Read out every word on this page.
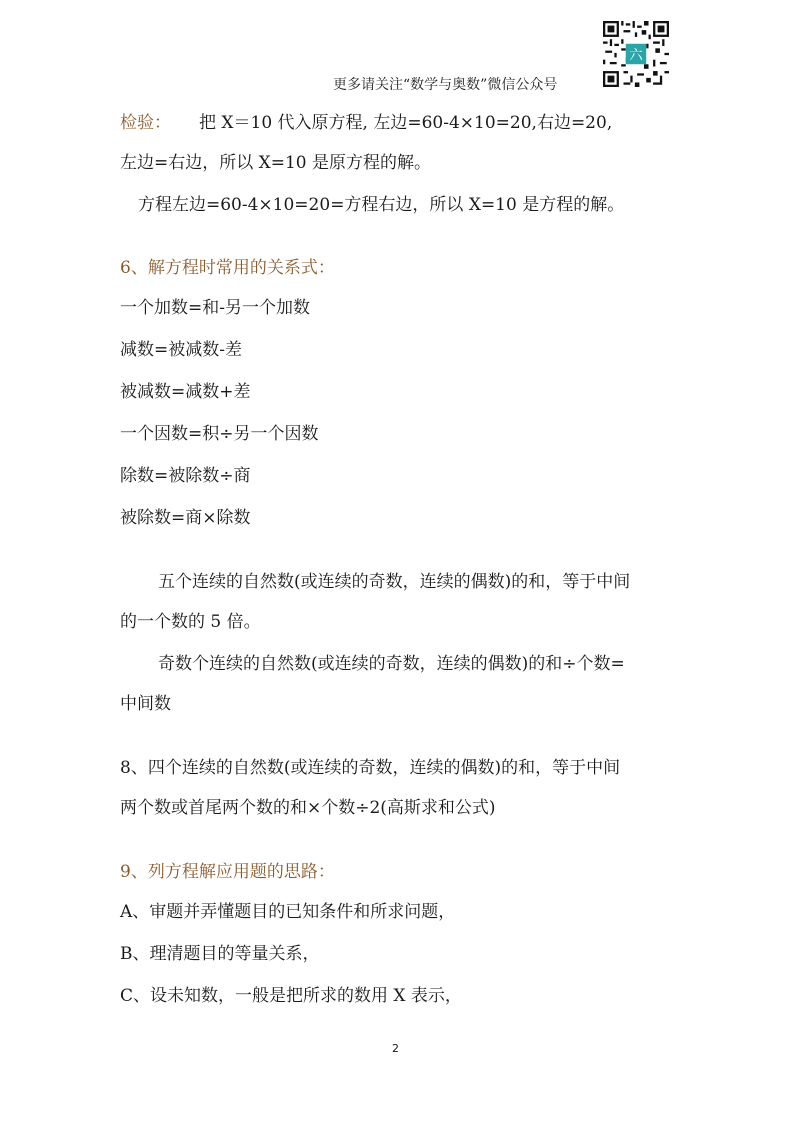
六
更多请关注“数学与奥数”微信公众号
检验： 把 X＝10 代入原方程, 左边=60-4×10=20,右边=20,
左边=右边，所以 X=10 是原方程的解。
方程左边=60-4×10=20=方程右边，所以 X=10 是方程的解。
6、解方程时常用的关系式：
一个加数=和-另一个加数
减数=被减数-差
被减数=减数+差
一个因数=积÷另一个因数
除数=被除数÷商
被除数=商×除数
五个连续的自然数(或连续的奇数，连续的偶数)的和，等于中间
的一个数的 5 倍。
奇数个连续的自然数(或连续的奇数，连续的偶数)的和÷个数=
中间数
8、四个连续的自然数(或连续的奇数，连续的偶数)的和，等于中间
两个数或首尾两个数的和×个数÷2(高斯求和公式)
9、列方程解应用题的思路：
A、审题并弄懂题目的已知条件和所求问题，
B、理清题目的等量关系，
C、设未知数，一般是把所求的数用 X 表示，
2
